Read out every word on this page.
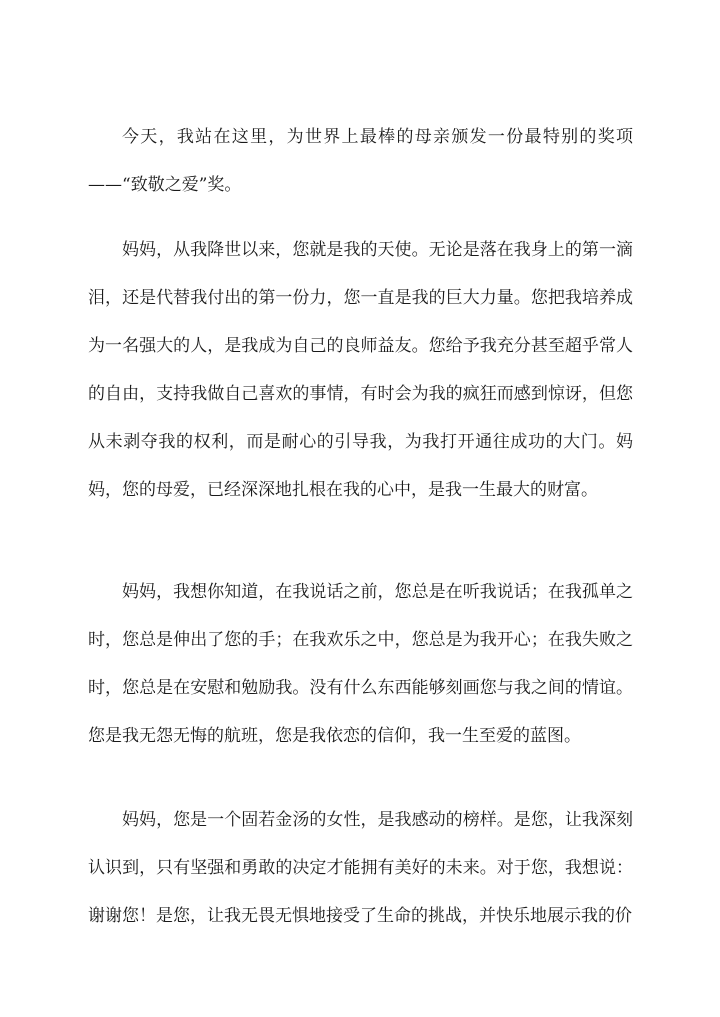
今天，我站在这里，为世界上最棒的母亲颁发一份最特别的奖项——“致敬之爱”奖。

妈妈，从我降世以来，您就是我的天使。无论是落在我身上的第一滴泪，还是代替我付出的第一份力，您一直是我的巨大力量。您把我培养成为一名强大的人，是我成为自己的良师益友。您给予我充分甚至超乎常人的自由，支持我做自己喜欢的事情，有时会为我的疯狂而感到惊讶，但您从未剥夺我的权利，而是耐心的引导我，为我打开通往成功的大门。妈妈，您的母爱，已经深深地扎根在我的心中，是我一生最大的财富。

妈妈，我想你知道，在我说话之前，您总是在听我说话；在我孤单之时，您总是伸出了您的手；在我欢乐之中，您总是为我开心；在我失败之时，您总是在安慰和勉励我。没有什么东西能够刻画您与我之间的情谊。您是我无怨无悔的航班，您是我依恋的信仰，我一生至爱的蓝图。

妈妈，您是一个固若金汤的女性，是我感动的榜样。是您，让我深刻认识到，只有坚强和勇敢的决定才能拥有美好的未来。对于您，我想说：谢谢您！是您，让我无畏无惧地接受了生命的挑战，并快乐地展示我的价
